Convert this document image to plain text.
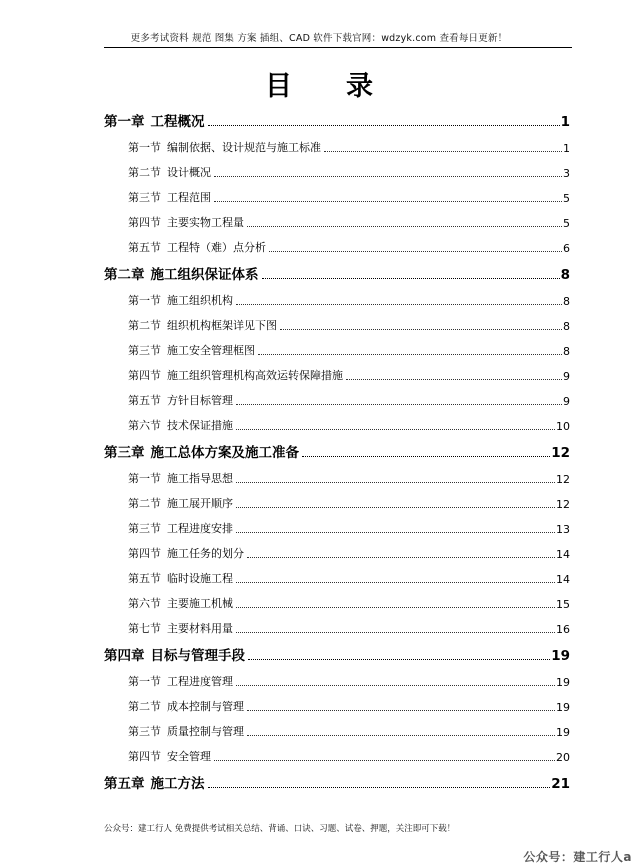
更多考试资料 规范 图集 方案 插组、CAD 软件下载官网：wdzyk.com 查看每日更新！
目录
第一章 工程概况	1
第一节 编制依据、设计规范与施工标准	1
第二节 设计概况	3
第三节 工程范围	5
第四节 主要实物工程量	5
第五节 工程特（难）点分析	6
第二章 施工组织保证体系	8
第一节 施工组织机构	8
第二节 组织机构框架详见下图	8
第三节 施工安全管理框图	8
第四节 施工组织管理机构高效运转保障措施	9
第五节 方针目标管理	9
第六节 技术保证措施	10
第三章 施工总体方案及施工准备	12
第一节 施工指导思想	12
第二节 施工展开顺序	12
第三节 工程进度安排	13
第四节 施工任务的划分	14
第五节 临时设施工程	14
第六节 主要施工机械	15
第七节 主要材料用量	16
第四章 目标与管理手段	19
第一节 工程进度管理	19
第二节 成本控制与管理	19
第三节 质量控制与管理	19
第四节 安全管理	20
第五章 施工方法	21
公众号：建工行人 免费提供考试相关总结、背诵、口诀、习题、试卷、押题，关注即可下载！
公众号：建工行人a
